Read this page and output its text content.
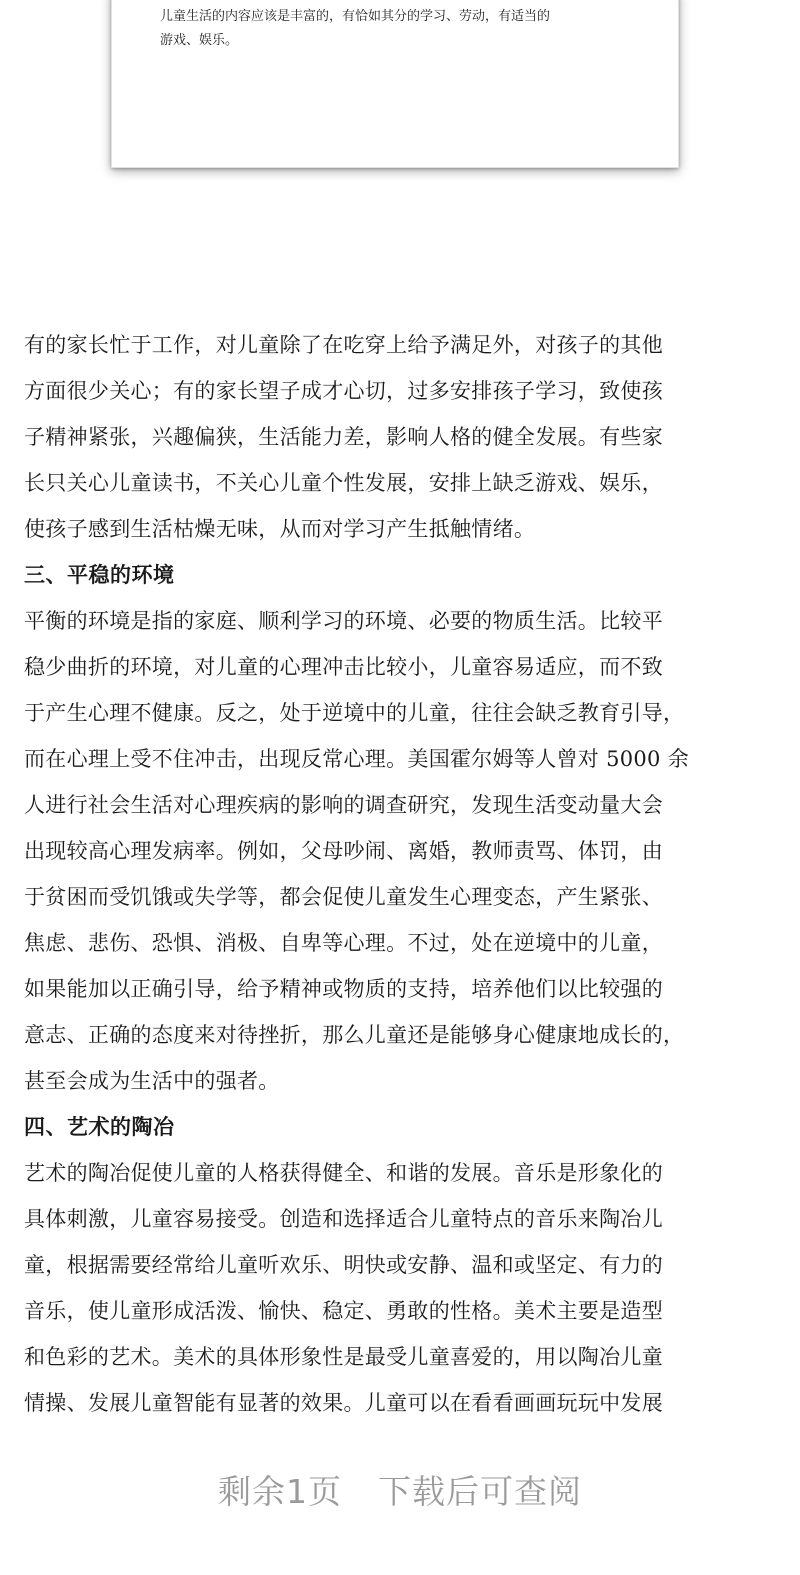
儿童生活的内容应该是丰富的，有恰如其分的学习、劳动，有适当的
游戏、娱乐。

有的家长忙于工作，对儿童除了在吃穿上给予满足外，对孩子的其他
方面很少关心；有的家长望子成才心切，过多安排孩子学习，致使孩
子精神紧张，兴趣偏狭，生活能力差，影响人格的健全发展。有些家
长只关心儿童读书，不关心儿童个性发展，安排上缺乏游戏、娱乐，
使孩子感到生活枯燥无味，从而对学习产生抵触情绪。

三、平稳的环境

平衡的环境是指的家庭、顺利学习的环境、必要的物质生活。比较平
稳少曲折的环境，对儿童的心理冲击比较小，儿童容易适应，而不致
于产生心理不健康。反之，处于逆境中的儿童，往往会缺乏教育引导，
而在心理上受不住冲击，出现反常心理。美国霍尔姆等人曾对 5000 余
人进行社会生活对心理疾病的影响的调查研究，发现生活变动量大会
出现较高心理发病率。例如，父母吵闹、离婚，教师责骂、体罚，由
于贫困而受饥饿或失学等，都会促使儿童发生心理变态，产生紧张、
焦虑、悲伤、恐惧、消极、自卑等心理。不过，处在逆境中的儿童，
如果能加以正确引导，给予精神或物质的支持，培养他们以比较强的
意志、正确的态度来对待挫折，那么儿童还是能够身心健康地成长的，
甚至会成为生活中的强者。

四、艺术的陶冶

艺术的陶冶促使儿童的人格获得健全、和谐的发展。音乐是形象化的
具体刺激，儿童容易接受。创造和选择适合儿童特点的音乐来陶冶儿
童，根据需要经常给儿童听欢乐、明快或安静、温和或坚定、有力的
音乐，使儿童形成活泼、愉快、稳定、勇敢的性格。美术主要是造型
和色彩的艺术。美术的具体形象性是最受儿童喜爱的，用以陶冶儿童
情操、发展儿童智能有显著的效果。儿童可以在看看画画玩玩中发展

剩余1页 下载后可查阅
